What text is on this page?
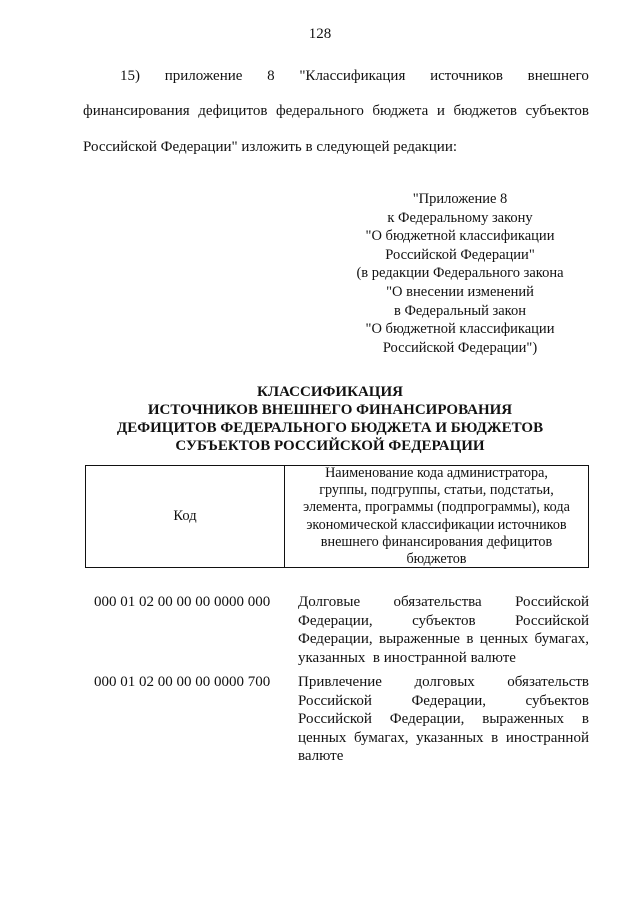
128
15) приложение 8 "Классификация источников внешнего
финансирования дефицитов федерального бюджета и бюджетов субъектов
Российской Федерации" изложить в следующей редакции:
"Приложение 8
к Федеральному закону
"О бюджетной классификации
Российской Федерации"
(в редакции Федерального закона
"О внесении изменений
в Федеральный закон
"О бюджетной классификации
Российской Федерации")
КЛАССИФИКАЦИЯ
ИСТОЧНИКОВ ВНЕШНЕГО ФИНАНСИРОВАНИЯ
ДЕФИЦИТОВ ФЕДЕРАЛЬНОГО БЮДЖЕТА И БЮДЖЕТОВ
СУБЪЕКТОВ РОССИЙСКОЙ ФЕДЕРАЦИИ
Код
Наименование кода администратора,
группы, подгруппы, статьи, подстатьи,
элемента, программы (подпрограммы), кода
экономической классификации источников
внешнего финансирования дефицитов
бюджетов
000 01 02 00 00 00 0000 000 Долговые обязательства Российской
Федерации,	субъектов	Российской
Федерации, выраженные в ценных бумагах,
указанных  в иностранной валюте
000 01 02 00 00 00 0000 700 Привлечение долговых обязательств
Российской	Федерации,	субъектов
Российской Федерации, выраженных в
ценных бумагах, указанных в иностранной
валюте
